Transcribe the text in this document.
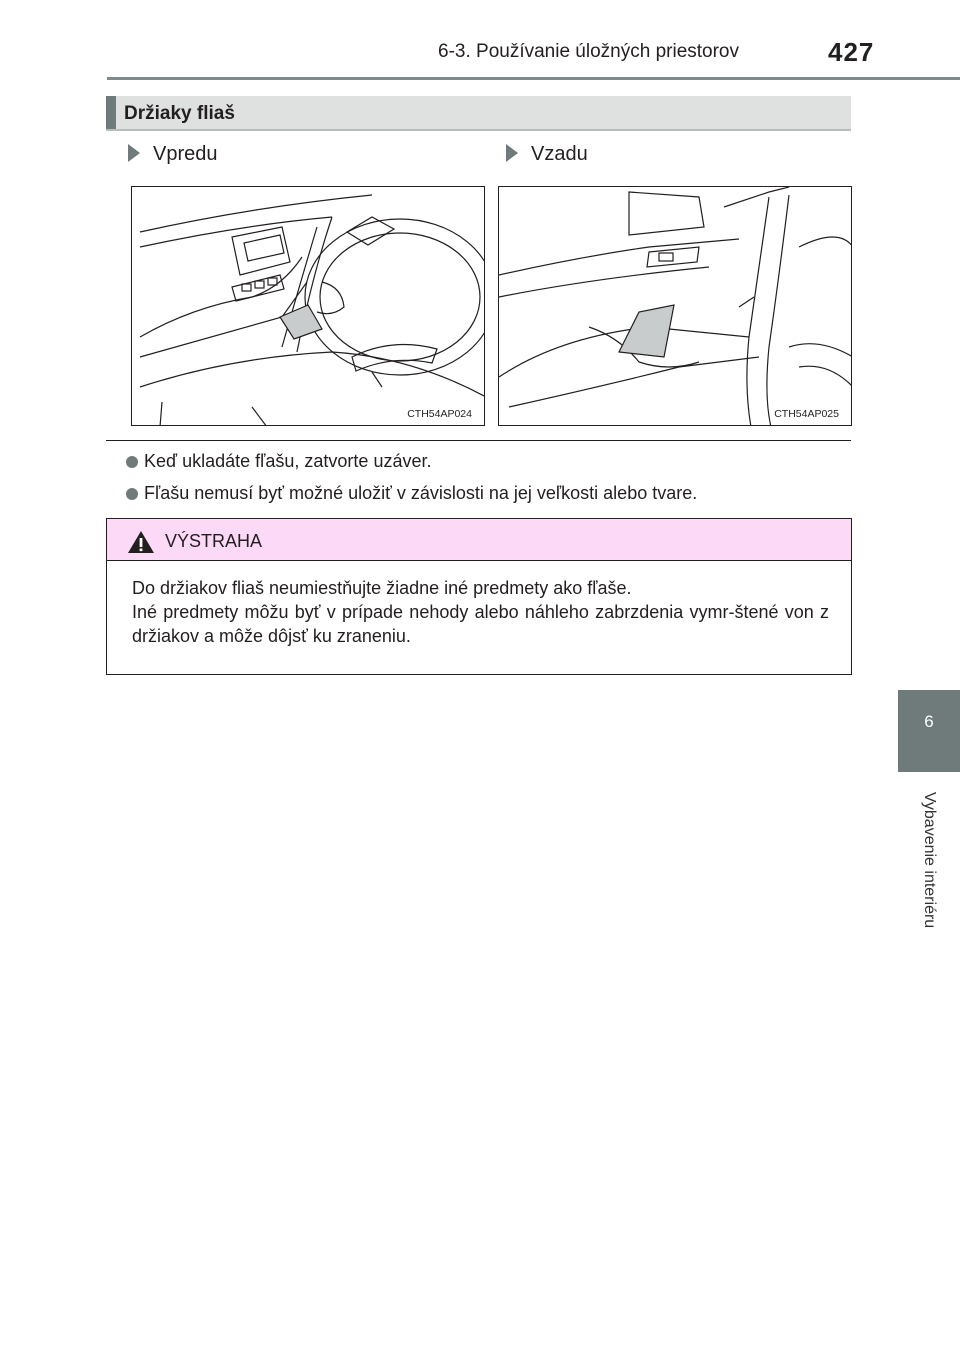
6-3. Používanie úložných priestorov	427
6
Vybavenie interiéru
Držiaky fliaš
Vpredu	Vzadu
CTH54AP024	CTH54AP025
Keď ukladáte fľašu, zatvorte uzáver.
Fľašu nemusí byť možné uložiť v závislosti na jej veľkosti alebo tvare.
VÝSTRAHA
Do držiakov fliaš neumiestňujte žiadne iné predmety ako fľaše.
Iné predmety môžu byť v prípade nehody alebo náhleho zabrzdenia vymr-štené von z držiakov a môže dôjsť ku zraneniu.
